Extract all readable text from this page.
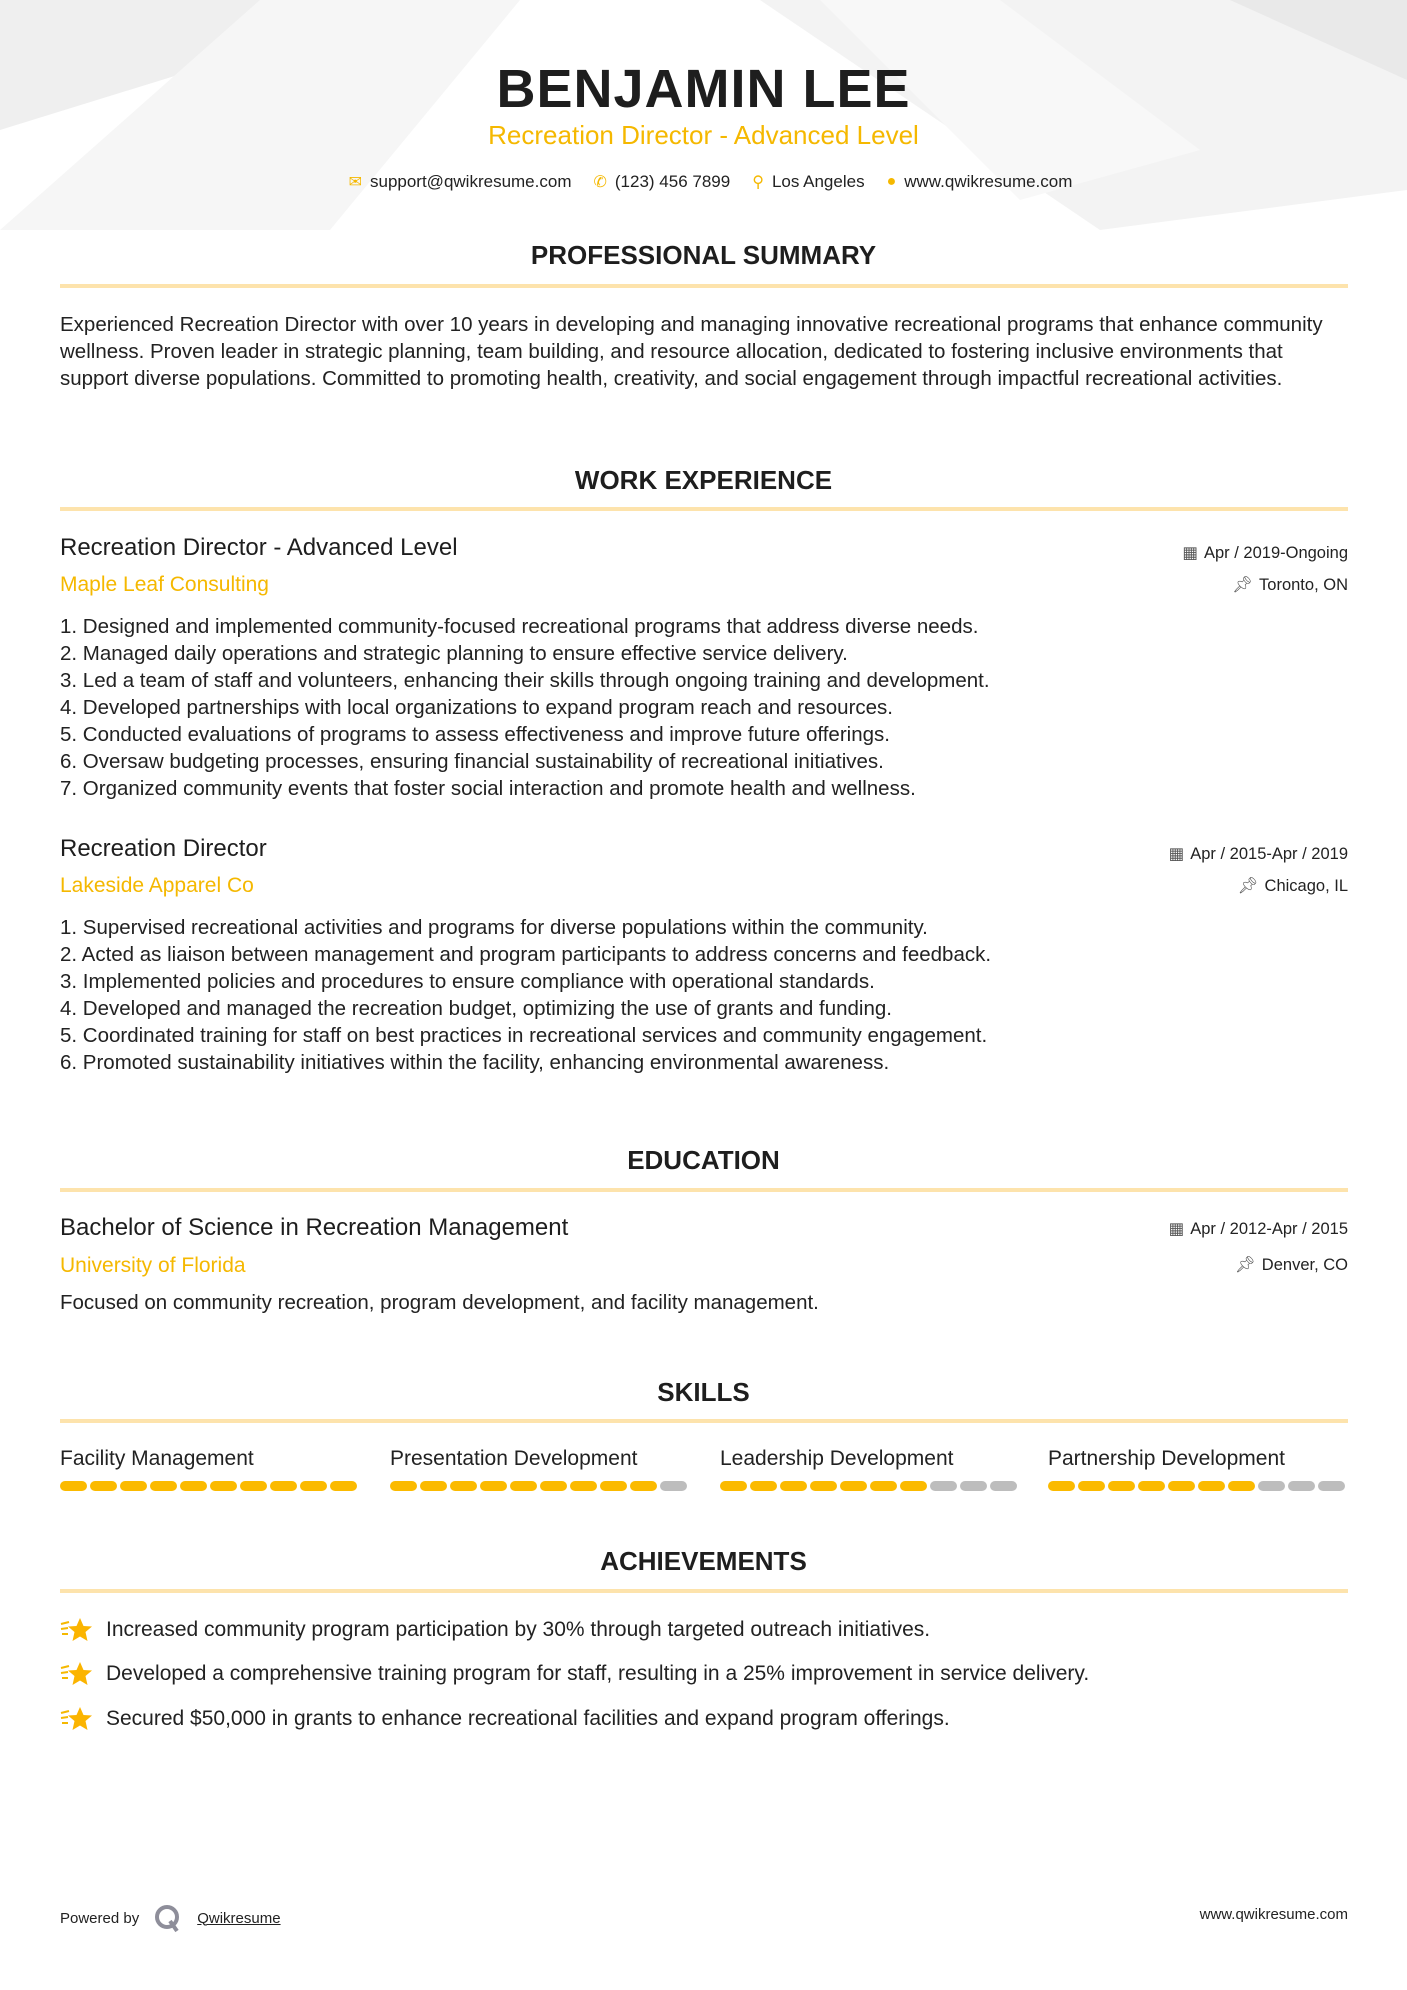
BENJAMIN LEE
Recreation Director - Advanced Level
✉ support@qwikresume.com ✆ (123) 456 7899 ⚲ Los Angeles ● www.qwikresume.com
PROFESSIONAL SUMMARY
Experienced Recreation Director with over 10 years in developing and managing innovative recreational programs that enhance community wellness. Proven leader in strategic planning, team building, and resource allocation, dedicated to fostering inclusive environments that support diverse populations. Committed to promoting health, creativity, and social engagement through impactful recreational activities.
WORK EXPERIENCE
Recreation Director - Advanced Level
Maple Leaf Consulting
▦ Apr / 2019-Ongoing
📌︎ Toronto, ON
1. Designed and implemented community-focused recreational programs that address diverse needs.
2. Managed daily operations and strategic planning to ensure effective service delivery.
3. Led a team of staff and volunteers, enhancing their skills through ongoing training and development.
4. Developed partnerships with local organizations to expand program reach and resources.
5. Conducted evaluations of programs to assess effectiveness and improve future offerings.
6. Oversaw budgeting processes, ensuring financial sustainability of recreational initiatives.
7. Organized community events that foster social interaction and promote health and wellness.
Recreation Director
Lakeside Apparel Co
▦ Apr / 2015-Apr / 2019
📌︎ Chicago, IL
1. Supervised recreational activities and programs for diverse populations within the community.
2. Acted as liaison between management and program participants to address concerns and feedback.
3. Implemented policies and procedures to ensure compliance with operational standards.
4. Developed and managed the recreation budget, optimizing the use of grants and funding.
5. Coordinated training for staff on best practices in recreational services and community engagement.
6. Promoted sustainability initiatives within the facility, enhancing environmental awareness.
EDUCATION
Bachelor of Science in Recreation Management
University of Florida
▦ Apr / 2012-Apr / 2015
📌︎ Denver, CO
Focused on community recreation, program development, and facility management.
SKILLS
Facility Management	Presentation Development	Leadership Development	Partnership Development
ACHIEVEMENTS
Increased community program participation by 30% through targeted outreach initiatives.
Developed a comprehensive training program for staff, resulting in a 25% improvement in service delivery.
Secured $50,000 in grants to enhance recreational facilities and expand program offerings.
Powered by	Qwikresume	www.qwikresume.com
